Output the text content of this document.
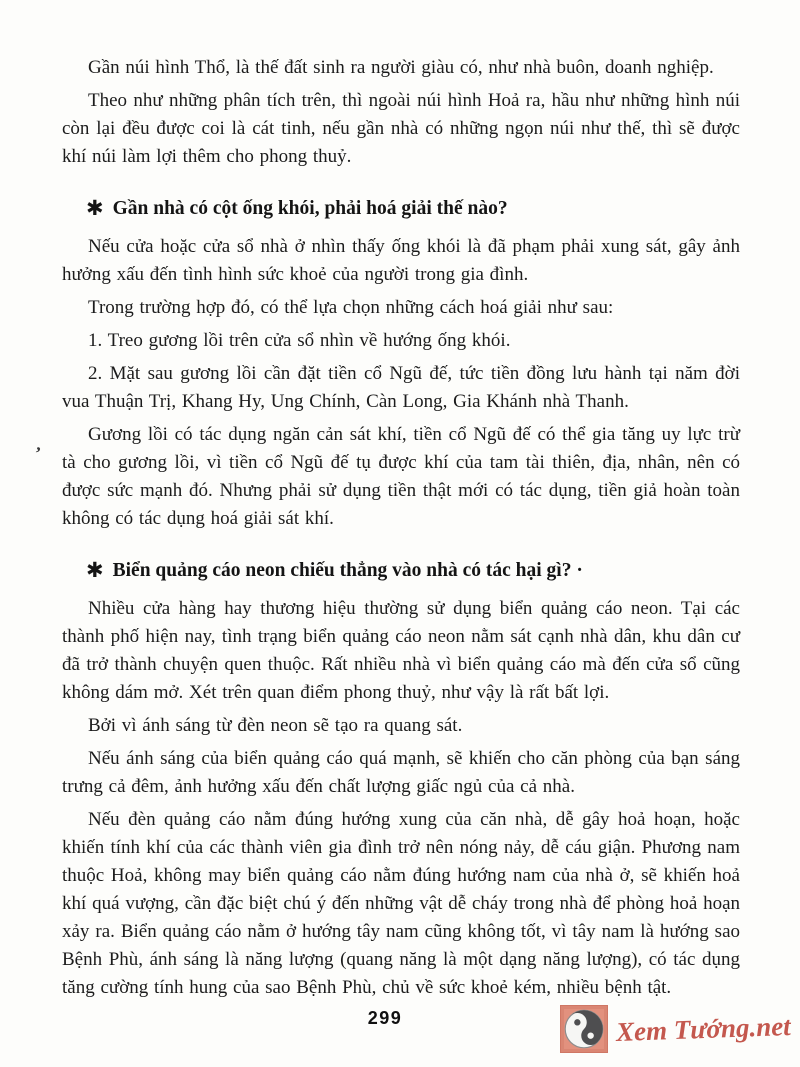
,

Gần núi hình Thổ, là thế đất sinh ra người giàu có, như nhà buôn, doanh nghiệp.

Theo như những phân tích trên, thì ngoài núi hình Hoả ra, hầu như những hình núi còn lại đều được coi là cát tinh, nếu gần nhà có những ngọn núi như thế, thì sẽ được khí núi làm lợi thêm cho phong thuỷ.

✱ Gần nhà có cột ống khói, phải hoá giải thế nào?

Nếu cửa hoặc cửa sổ nhà ở nhìn thấy ống khói là đã phạm phải xung sát, gây ảnh hưởng xấu đến tình hình sức khoẻ của người trong gia đình.

Trong trường hợp đó, có thể lựa chọn những cách hoá giải như sau:

1. Treo gương lồi trên cửa sổ nhìn về hướng ống khói.

2. Mặt sau gương lồi cần đặt tiền cổ Ngũ đế, tức tiền đồng lưu hành tại năm đời vua Thuận Trị, Khang Hy, Ung Chính, Càn Long, Gia Khánh nhà Thanh.

Gương lồi có tác dụng ngăn cản sát khí, tiền cổ Ngũ đế có thể gia tăng uy lực trừ tà cho gương lồi, vì tiền cổ Ngũ đế tụ được khí của tam tài thiên, địa, nhân, nên có được sức mạnh đó. Nhưng phải sử dụng tiền thật mới có tác dụng, tiền giả hoàn toàn không có tác dụng hoá giải sát khí.

✱ Biển quảng cáo neon chiếu thẳng vào nhà có tác hại gì? ·

Nhiều cửa hàng hay thương hiệu thường sử dụng biển quảng cáo neon. Tại các thành phố hiện nay, tình trạng biển quảng cáo neon nằm sát cạnh nhà dân, khu dân cư đã trở thành chuyện quen thuộc. Rất nhiều nhà vì biển quảng cáo mà đến cửa sổ cũng không dám mở. Xét trên quan điểm phong thuỷ, như vậy là rất bất lợi.

Bởi vì ánh sáng từ đèn neon sẽ tạo ra quang sát.

Nếu ánh sáng của biển quảng cáo quá mạnh, sẽ khiến cho căn phòng của bạn sáng trưng cả đêm, ảnh hưởng xấu đến chất lượng giấc ngủ của cả nhà.

Nếu đèn quảng cáo nằm đúng hướng xung của căn nhà, dễ gây hoả hoạn, hoặc khiến tính khí của các thành viên gia đình trở nên nóng nảy, dễ cáu giận. Phương nam thuộc Hoả, không may biển quảng cáo nằm đúng hướng nam của nhà ở, sẽ khiến hoả khí quá vượng, cần đặc biệt chú ý đến những vật dễ cháy trong nhà để phòng hoả hoạn xảy ra. Biển quảng cáo nằm ở hướng tây nam cũng không tốt, vì tây nam là hướng sao Bệnh Phù, ánh sáng là năng lượng (quang năng là một dạng năng lượng), có tác dụng tăng cường tính hung của sao Bệnh Phù, chủ về sức khoẻ kém, nhiều bệnh tật.

299	Xem Tướng.net
